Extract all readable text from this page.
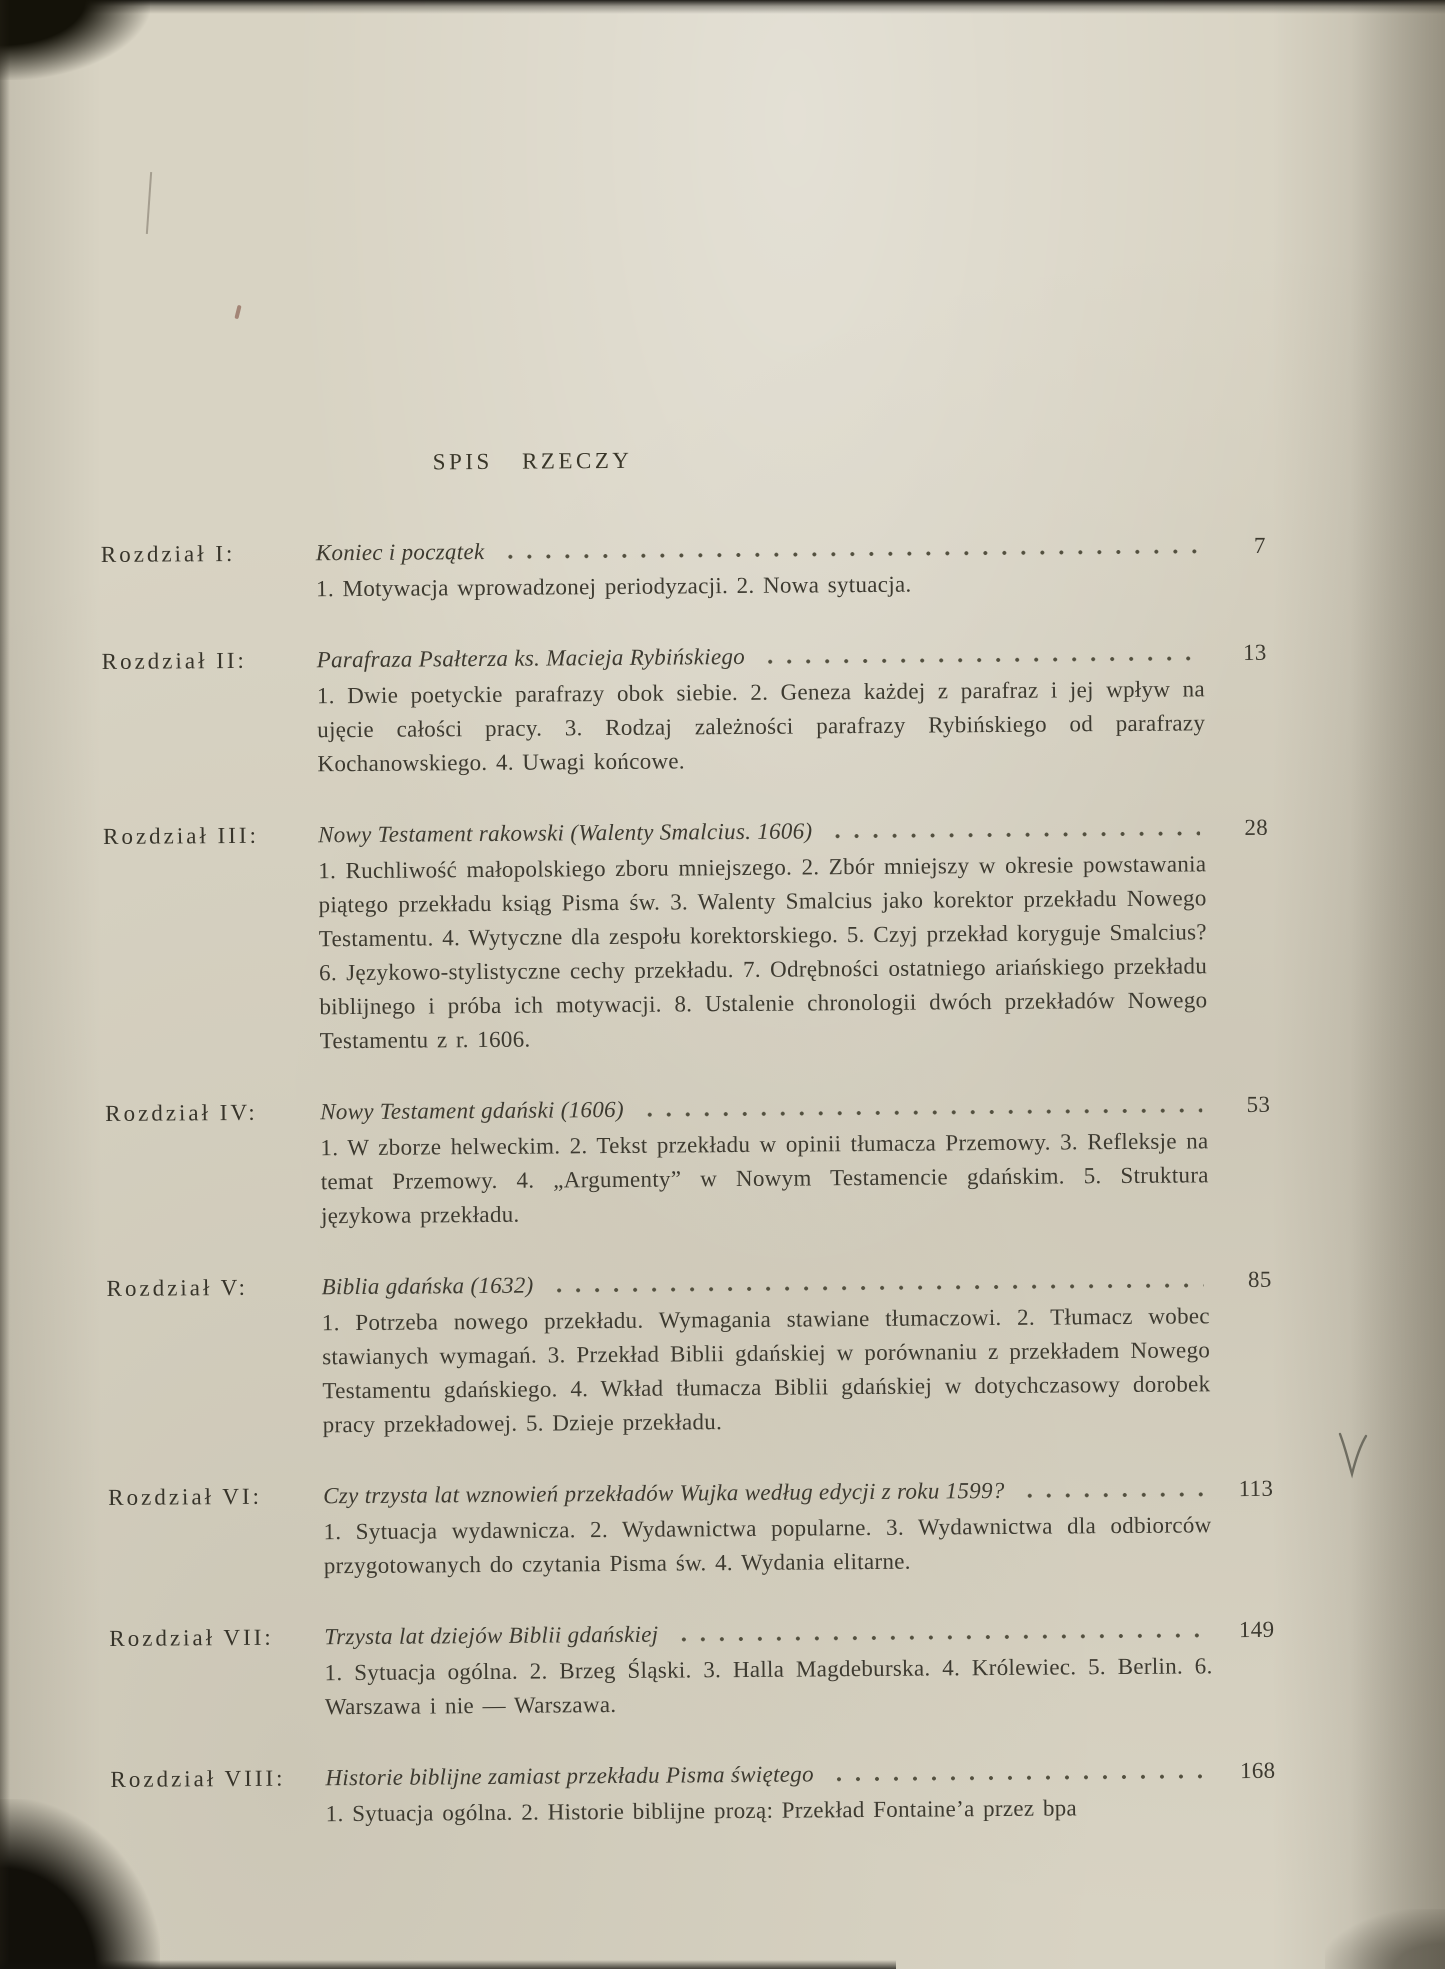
SPIS RZECZY
Rozdział I:	Koniec i początek	7
1. Motywacja wprowadzonej periodyzacji. 2. Nowa sytuacja.
Rozdział II:	Parafraza Psałterza ks. Macieja Rybińskiego	13
1. Dwie poetyckie parafrazy obok siebie. 2. Geneza każdej z parafraz i jej wpływ na ujęcie całości pracy. 3. Rodzaj zależności parafrazy Rybińskiego od parafrazy Kochanowskiego. 4. Uwagi końcowe.
Rozdział III:	Nowy Testament rakowski (Walenty Smalcius. 1606)	28
1. Ruchliwość małopolskiego zboru mniejszego. 2. Zbór mniejszy w okresie powstawania piątego przekładu ksiąg Pisma św. 3. Walenty Smalcius jako korektor przekładu Nowego Testamentu. 4. Wytyczne dla zespołu korektorskiego. 5. Czyj przekład koryguje Smalcius? 6. Językowo-stylistyczne cechy przekładu. 7. Odrębności ostatniego ariańskiego przekładu biblijnego i próba ich motywacji. 8. Ustalenie chronologii dwóch przekładów Nowego Testamentu z r. 1606.
Rozdział IV:	Nowy Testament gdański (1606)	53
1. W zborze helweckim. 2. Tekst przekładu w opinii tłumacza Przemowy. 3. Refleksje na temat Przemowy. 4. „Argumenty” w Nowym Testamencie gdańskim. 5. Struktura językowa przekładu.
Rozdział V:	Biblia gdańska (1632)	85
1. Potrzeba nowego przekładu. Wymagania stawiane tłumaczowi. 2. Tłumacz wobec stawianych wymagań. 3. Przekład Biblii gdańskiej w porównaniu z przekładem Nowego Testamentu gdańskiego. 4. Wkład tłumacza Biblii gdańskiej w dotychczasowy dorobek pracy przekładowej. 5. Dzieje przekładu.
Rozdział VI:	Czy trzysta lat wznowień przekładów Wujka według edycji z roku 1599?	113
1. Sytuacja wydawnicza. 2. Wydawnictwa popularne. 3. Wydawnictwa dla odbiorców przygotowanych do czytania Pisma św. 4. Wydania elitarne.
Rozdział VII:	Trzysta lat dziejów Biblii gdańskiej	149
1. Sytuacja ogólna. 2. Brzeg Śląski. 3. Halla Magdeburska. 4. Królewiec. 5. Berlin. 6. Warszawa i nie — Warszawa.
Rozdział VIII:	Historie biblijne zamiast przekładu Pisma świętego	168
1. Sytuacja ogólna. 2. Historie biblijne prozą: Przekład Fontaine’a przez bpa
